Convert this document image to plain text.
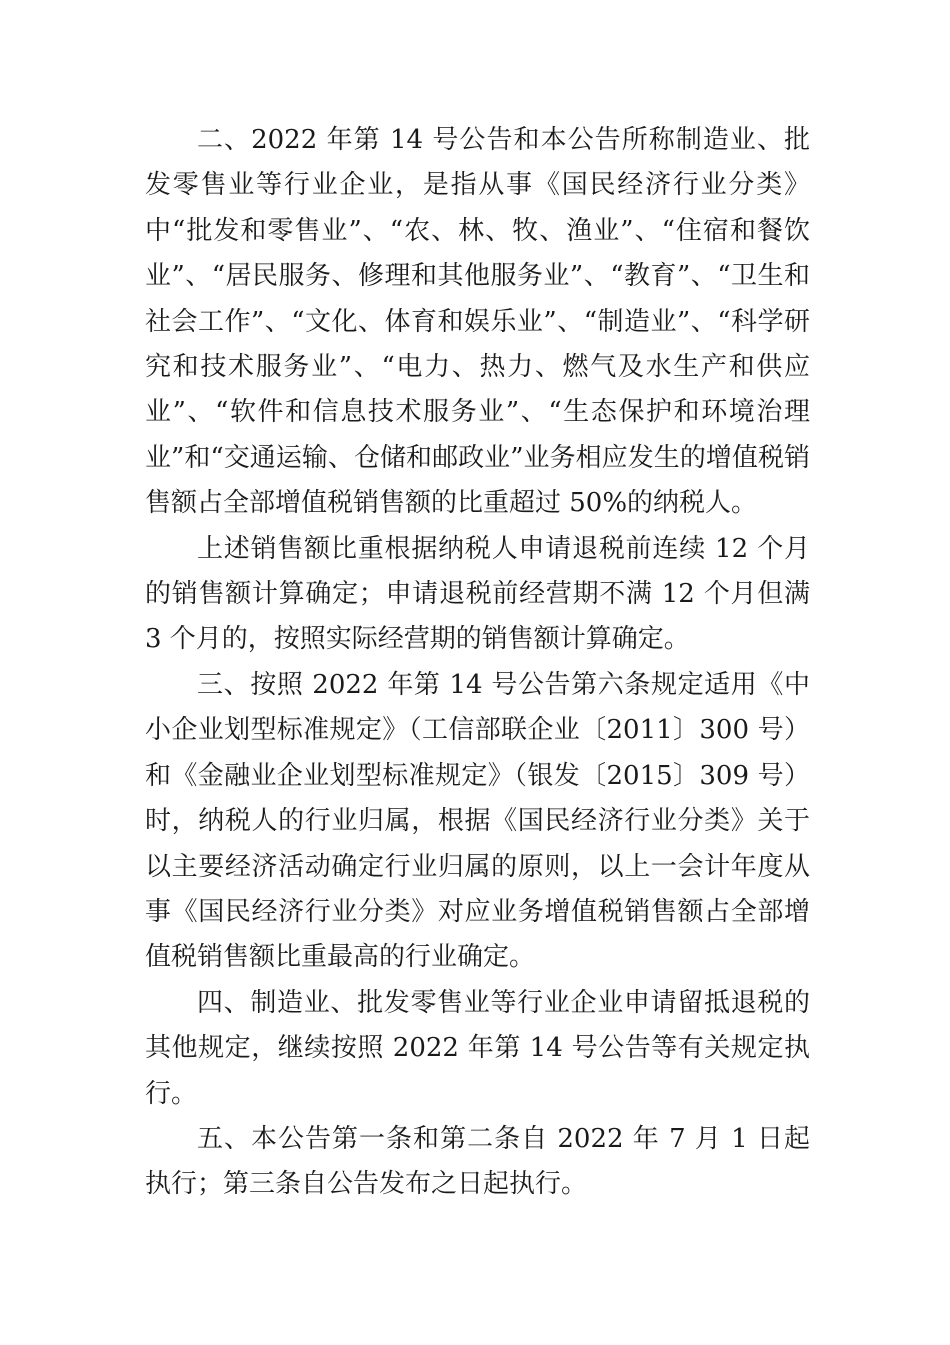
二、2022 年第 14 号公告和本公告所称制造业、批发零售业等行业企业，是指从事《国民经济行业分类》中“批发和零售业”、“农、林、牧、渔业”、“住宿和餐饮业”、“居民服务、修理和其他服务业”、“教育”、“卫生和社会工作”、“文化、体育和娱乐业”、“制造业”、“科学研究和技术服务业”、“电力、热力、燃气及水生产和供应业”、“软件和信息技术服务业”、“生态保护和环境治理业”和“交通运输、仓储和邮政业”业务相应发生的增值税销售额占全部增值税销售额的比重超过 50%的纳税人。

上述销售额比重根据纳税人申请退税前连续 12 个月的销售额计算确定；申请退税前经营期不满 12 个月但满 3 个月的，按照实际经营期的销售额计算确定。

三、按照 2022 年第 14 号公告第六条规定适用《中小企业划型标准规定》（工信部联企业〔2011〕300 号）和《金融业企业划型标准规定》（银发〔2015〕309 号）时，纳税人的行业归属，根据《国民经济行业分类》关于以主要经济活动确定行业归属的原则，以上一会计年度从事《国民经济行业分类》对应业务增值税销售额占全部增值税销售额比重最高的行业确定。

四、制造业、批发零售业等行业企业申请留抵退税的其他规定，继续按照 2022 年第 14 号公告等有关规定执行。

五、本公告第一条和第二条自 2022 年 7 月 1 日起执行；第三条自公告发布之日起执行。
